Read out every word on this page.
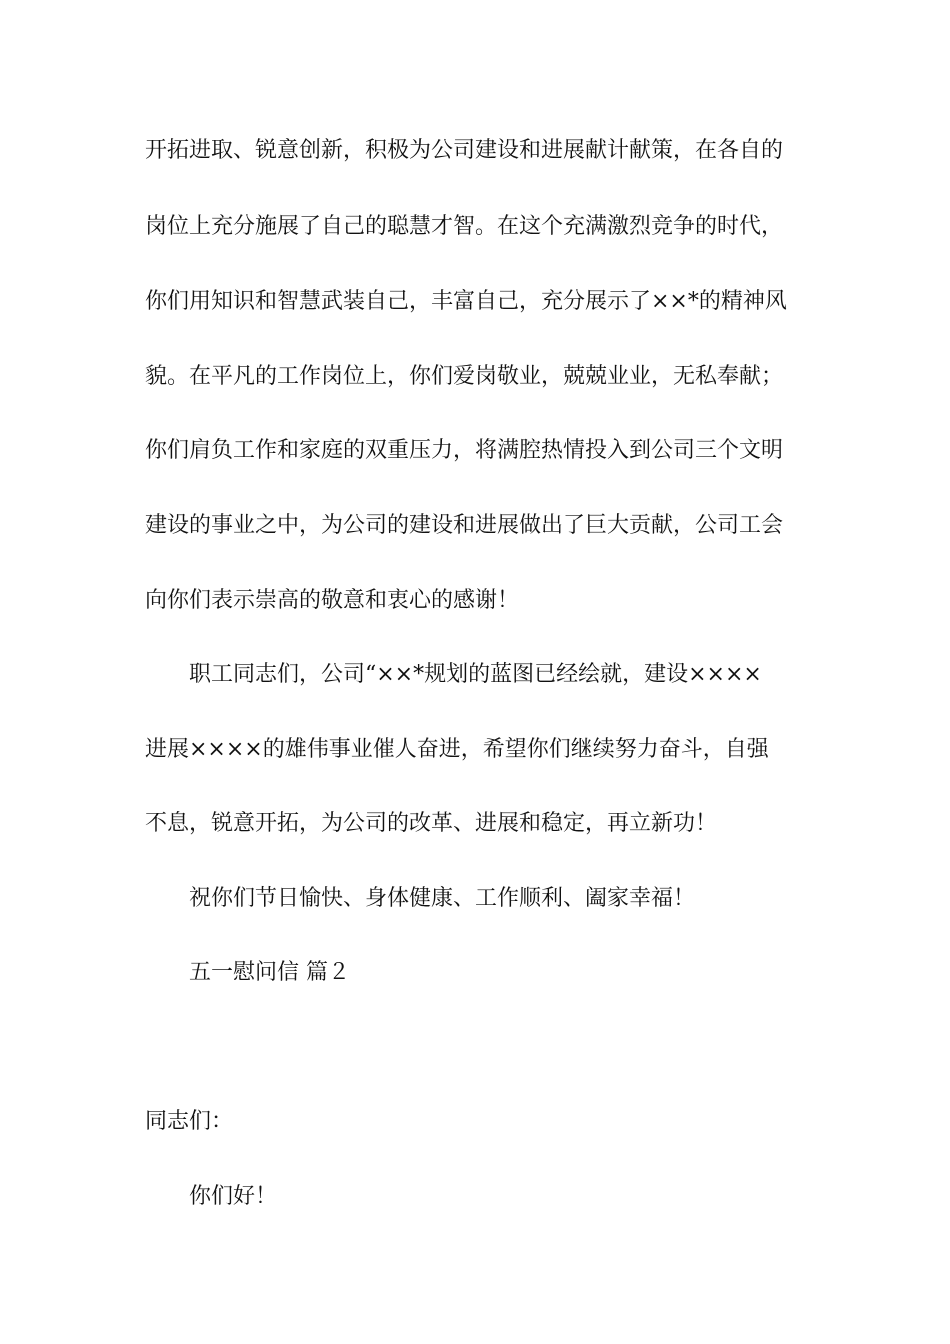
开拓进取、锐意创新，积极为公司建设和进展献计献策，在各自的
岗位上充分施展了自己的聪慧才智。在这个充满激烈竞争的时代，
你们用知识和智慧武装自己，丰富自己，充分展示了××*的精神风
貌。在平凡的工作岗位上，你们爱岗敬业，兢兢业业，无私奉献；
你们肩负工作和家庭的双重压力，将满腔热情投入到公司三个文明
建设的事业之中，为公司的建设和进展做出了巨大贡献，公司工会
向你们表示崇高的敬意和衷心的感谢！
职工同志们，公司“××*规划的蓝图已经绘就，建设××××
进展××××的雄伟事业催人奋进，希望你们继续努力奋斗，自强
不息，锐意开拓，为公司的改革、进展和稳定，再立新功！
祝你们节日愉快、身体健康、工作顺利、阖家幸福！
五一慰问信 篇２
同志们：
你们好！
